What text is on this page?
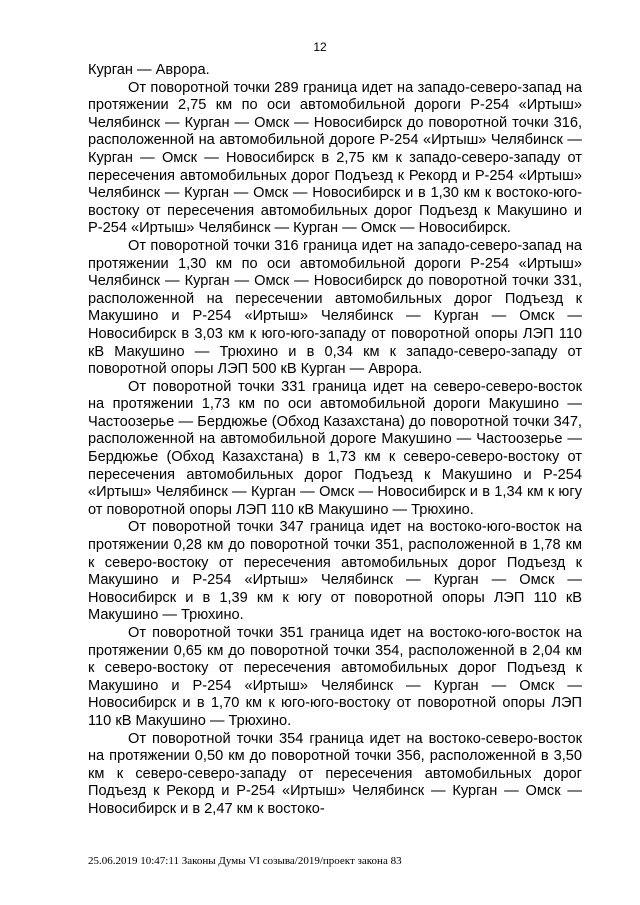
12

Курган — Аврора.

От поворотной точки 289 граница идет на западо-северо-запад на протяжении 2,75 км по оси автомобильной дороги Р-254 «Иртыш» Челябинск — Курган — Омск — Новосибирск до поворотной точки 316, расположенной на автомобильной дороге Р-254 «Иртыш» Челябинск — Курган — Омск — Новосибирск в 2,75 км к западо-северо-западу от пересечения автомобильных дорог Подъезд к Рекорд и Р-254 «Иртыш» Челябинск — Курган — Омск — Новосибирск и в 1,30 км к востоко-юго-востоку от пересечения автомобильных дорог Подъезд к Макушино и Р-254 «Иртыш» Челябинск — Курган — Омск — Новосибирск.

От поворотной точки 316 граница идет на западо-северо-запад на протяжении 1,30 км по оси автомобильной дороги Р-254 «Иртыш» Челябинск — Курган — Омск — Новосибирск до поворотной точки 331, расположенной на пересечении автомобильных дорог Подъезд к Макушино и Р-254 «Иртыш» Челябинск — Курган — Омск — Новосибирск в 3,03 км к юго-юго-западу от поворотной опоры ЛЭП 110 кВ Макушино — Трюхино и в 0,34 км к западо-северо-западу от поворотной опоры ЛЭП 500 кВ Курган — Аврора.

От поворотной точки 331 граница идет на северо-северо-восток на протяжении 1,73 км по оси автомобильной дороги Макушино — Частоозерье — Бердюжье (Обход Казахстана) до поворотной точки 347, расположенной на автомобильной дороге Макушино — Частоозерье — Бердюжье (Обход Казахстана) в 1,73 км к северо-северо-востоку от пересечения автомобильных дорог Подъезд к Макушино и Р-254 «Иртыш» Челябинск — Курган — Омск — Новосибирск и в 1,34 км к югу от поворотной опоры ЛЭП 110 кВ Макушино — Трюхино.

От поворотной точки 347 граница идет на востоко-юго-восток на протяжении 0,28 км до поворотной точки 351, расположенной в 1,78 км к северо-востоку от пересечения автомобильных дорог Подъезд к Макушино и Р-254 «Иртыш» Челябинск — Курган — Омск — Новосибирск и в 1,39 км к югу от поворотной опоры ЛЭП 110 кВ Макушино — Трюхино.

От поворотной точки 351 граница идет на востоко-юго-восток на протяжении 0,65 км до поворотной точки 354, расположенной в 2,04 км к северо-востоку от пересечения автомобильных дорог Подъезд к Макушино и Р-254 «Иртыш» Челябинск — Курган — Омск — Новосибирск и в 1,70 км к юго-юго-востоку от поворотной опоры ЛЭП 110 кВ Макушино — Трюхино.

От поворотной точки 354 граница идет на востоко-северо-восток на протяжении 0,50 км до поворотной точки 356, расположенной в 3,50 км к северо-северо-западу от пересечения автомобильных дорог Подъезд к Рекорд и Р-254 «Иртыш» Челябинск — Курган — Омск — Новосибирск и в 2,47 км к востоко-

25.06.2019 10:47:11 Законы Думы VI созыва/2019/проект закона 83
